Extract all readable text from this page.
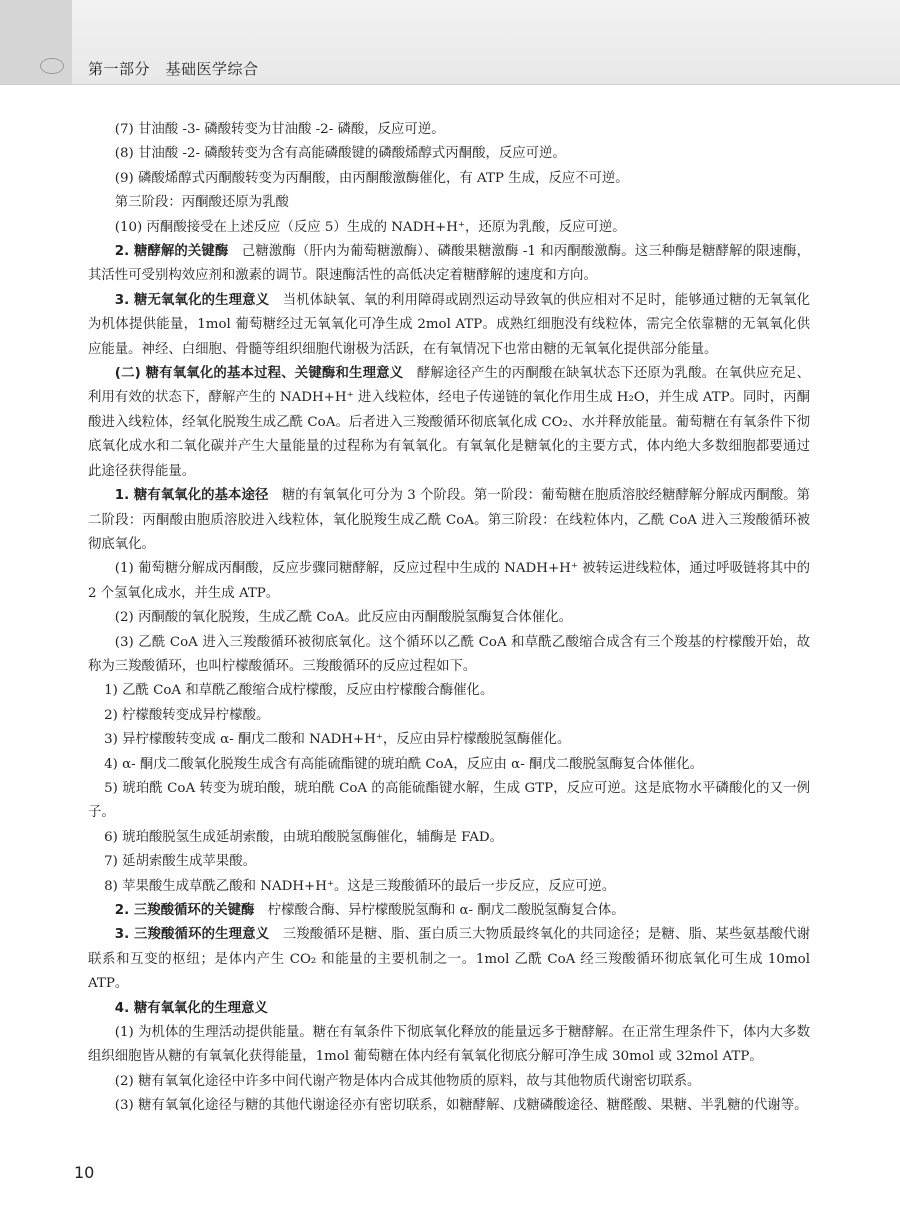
第一部分　基础医学综合

(7) 甘油酸 -3- 磷酸转变为甘油酸 -2- 磷酸，反应可逆。

(8) 甘油酸 -2- 磷酸转变为含有高能磷酸键的磷酸烯醇式丙酮酸，反应可逆。

(9) 磷酸烯醇式丙酮酸转变为丙酮酸，由丙酮酸激酶催化，有 ATP 生成，反应不可逆。

第三阶段：丙酮酸还原为乳酸

(10) 丙酮酸接受在上述反应（反应 5）生成的 NADH+H⁺，还原为乳酸，反应可逆。

2. 糖酵解的关键酶　 己糖激酶（肝内为葡萄糖激酶）、磷酸果糖激酶 -1 和丙酮酸激酶。这三种酶是糖酵解的限速酶，其活性可受别构效应剂和激素的调节。限速酶活性的高低决定着糖酵解的速度和方向。

3. 糖无氧氧化的生理意义　 当机体缺氧、氧的利用障碍或剧烈运动导致氧的供应相对不足时，能够通过糖的无氧氧化为机体提供能量，1mol 葡萄糖经过无氧氧化可净生成 2mol ATP。成熟红细胞没有线粒体，需完全依靠糖的无氧氧化供应能量。神经、白细胞、骨髓等组织细胞代谢极为活跃，在有氧情况下也常由糖的无氧氧化提供部分能量。

(二) 糖有氧氧化的基本过程、关键酶和生理意义　 酵解途径产生的丙酮酸在缺氧状态下还原为乳酸。在氧供应充足、利用有效的状态下，酵解产生的 NADH+H⁺ 进入线粒体，经电子传递链的氧化作用生成 H₂O，并生成 ATP。同时，丙酮酸进入线粒体，经氧化脱羧生成乙酰 CoA。后者进入三羧酸循环彻底氧化成 CO₂、水并释放能量。葡萄糖在有氧条件下彻底氧化成水和二氧化碳并产生大量能量的过程称为有氧氧化。有氧氧化是糖氧化的主要方式，体内绝大多数细胞都要通过此途径获得能量。

1. 糖有氧氧化的基本途径　 糖的有氧氧化可分为 3 个阶段。第一阶段：葡萄糖在胞质溶胶经糖酵解分解成丙酮酸。第二阶段：丙酮酸由胞质溶胶进入线粒体，氧化脱羧生成乙酰 CoA。第三阶段：在线粒体内，乙酰 CoA 进入三羧酸循环被彻底氧化。

(1) 葡萄糖分解成丙酮酸，反应步骤同糖酵解，反应过程中生成的 NADH+H⁺ 被转运进线粒体，通过呼吸链将其中的 2 个氢氧化成水，并生成 ATP。

(2) 丙酮酸的氧化脱羧，生成乙酰 CoA。此反应由丙酮酸脱氢酶复合体催化。

(3) 乙酰 CoA 进入三羧酸循环被彻底氧化。这个循环以乙酰 CoA 和草酰乙酸缩合成含有三个羧基的柠檬酸开始，故称为三羧酸循环，也叫柠檬酸循环。三羧酸循环的反应过程如下。

1) 乙酰 CoA 和草酰乙酸缩合成柠檬酸，反应由柠檬酸合酶催化。

2) 柠檬酸转变成异柠檬酸。

3) 异柠檬酸转变成 α- 酮戊二酸和 NADH+H⁺，反应由异柠檬酸脱氢酶催化。

4) α- 酮戊二酸氧化脱羧生成含有高能硫酯键的琥珀酰 CoA，反应由 α- 酮戊二酸脱氢酶复合体催化。

5) 琥珀酰 CoA 转变为琥珀酸，琥珀酰 CoA 的高能硫酯键水解，生成 GTP，反应可逆。这是底物水平磷酸化的又一例子。

6) 琥珀酸脱氢生成延胡索酸，由琥珀酸脱氢酶催化，辅酶是 FAD。

7) 延胡索酸生成苹果酸。

8) 苹果酸生成草酰乙酸和 NADH+H⁺。这是三羧酸循环的最后一步反应，反应可逆。

2. 三羧酸循环的关键酶　 柠檬酸合酶、异柠檬酸脱氢酶和 α- 酮戊二酸脱氢酶复合体。

3. 三羧酸循环的生理意义　 三羧酸循环是糖、脂、蛋白质三大物质最终氧化的共同途径；是糖、脂、某些氨基酸代谢联系和互变的枢纽；是体内产生 CO₂ 和能量的主要机制之一。1mol 乙酰 CoA 经三羧酸循环彻底氧化可生成 10mol ATP。

4. 糖有氧氧化的生理意义

(1) 为机体的生理活动提供能量。糖在有氧条件下彻底氧化释放的能量远多于糖酵解。在正常生理条件下，体内大多数组织细胞皆从糖的有氧氧化获得能量，1mol 葡萄糖在体内经有氧氧化彻底分解可净生成 30mol 或 32mol ATP。

(2) 糖有氧氧化途径中许多中间代谢产物是体内合成其他物质的原料，故与其他物质代谢密切联系。

(3) 糖有氧氧化途径与糖的其他代谢途径亦有密切联系，如糖酵解、戊糖磷酸途径、糖醛酸、果糖、半乳糖的代谢等。

10
